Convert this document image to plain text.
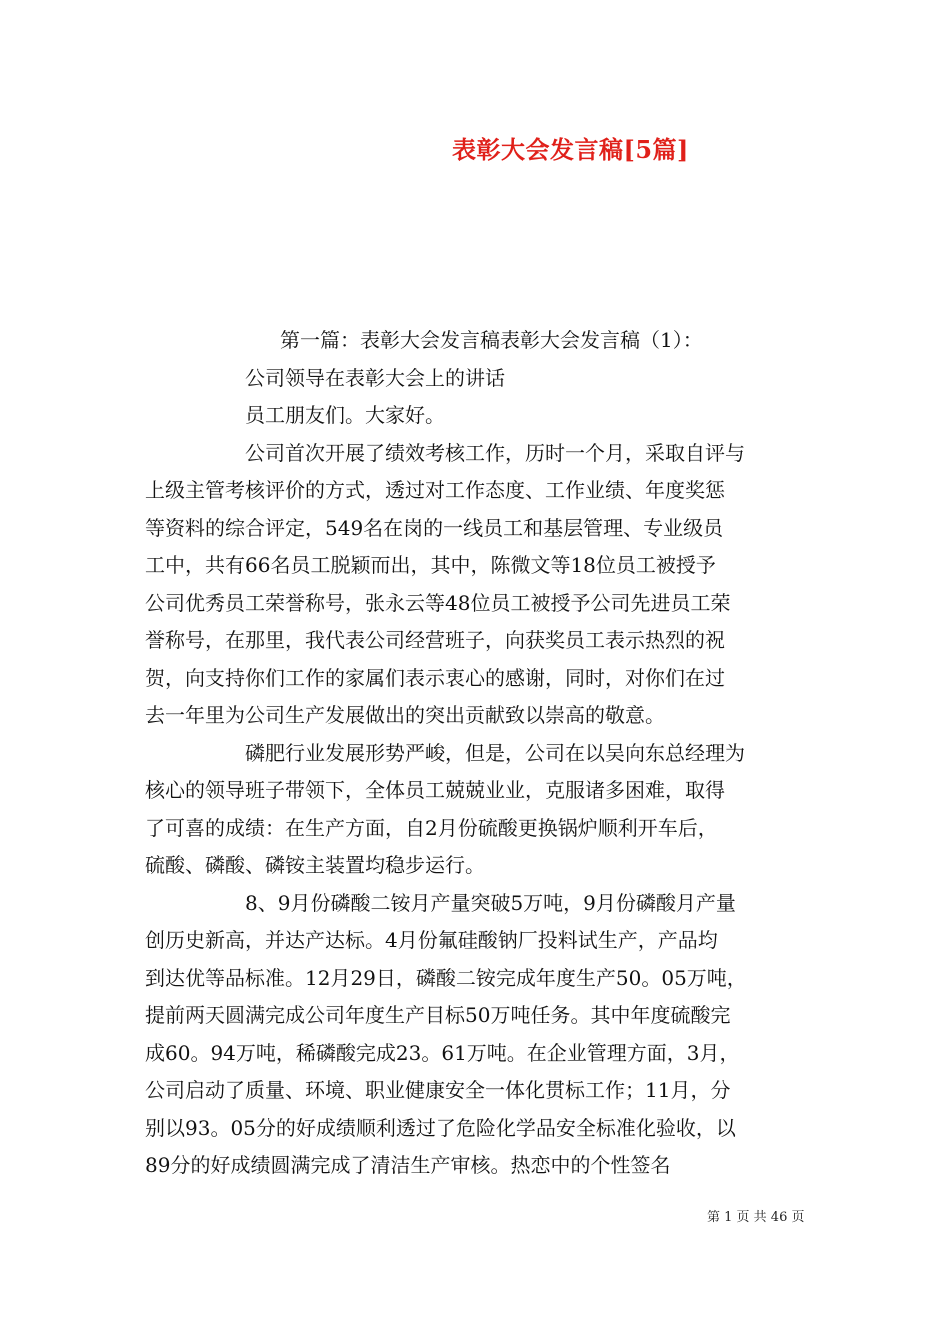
表彰大会发言稿[5篇]

第一篇：表彰大会发言稿表彰大会发言稿（1）：

公司领导在表彰大会上的讲话

员工朋友们。大家好。

公司首次开展了绩效考核工作，历时一个月，采取自评与
上级主管考核评价的方式，透过对工作态度、工作业绩、年度奖惩
等资料的综合评定，549名在岗的一线员工和基层管理、专业级员
工中，共有66名员工脱颖而出，其中，陈微文等18位员工被授予
公司优秀员工荣誉称号，张永云等48位员工被授予公司先进员工荣
誉称号，在那里，我代表公司经营班子，向获奖员工表示热烈的祝
贺，向支持你们工作的家属们表示衷心的感谢，同时，对你们在过
去一年里为公司生产发展做出的突出贡献致以崇高的敬意。
磷肥行业发展形势严峻，但是，公司在以吴向东总经理为
核心的领导班子带领下，全体员工兢兢业业，克服诸多困难，取得
了可喜的成绩：在生产方面，自2月份硫酸更换锅炉顺利开车后，
硫酸、磷酸、磷铵主装置均稳步运行。
8、9月份磷酸二铵月产量突破5万吨，9月份磷酸月产量
创历史新高，并达产达标。4月份氟硅酸钠厂投料试生产，产品均
到达优等品标准。12月29日，磷酸二铵完成年度生产50。05万吨，
提前两天圆满完成公司年度生产目标50万吨任务。其中年度硫酸完
成60。94万吨，稀磷酸完成23。61万吨。在企业管理方面，3月，
公司启动了质量、环境、职业健康安全一体化贯标工作；11月，分
别以93。05分的好成绩顺利透过了危险化学品安全标准化验收，以
89分的好成绩圆满完成了清洁生产审核。热恋中的个性签名

第 1 页 共 46 页
